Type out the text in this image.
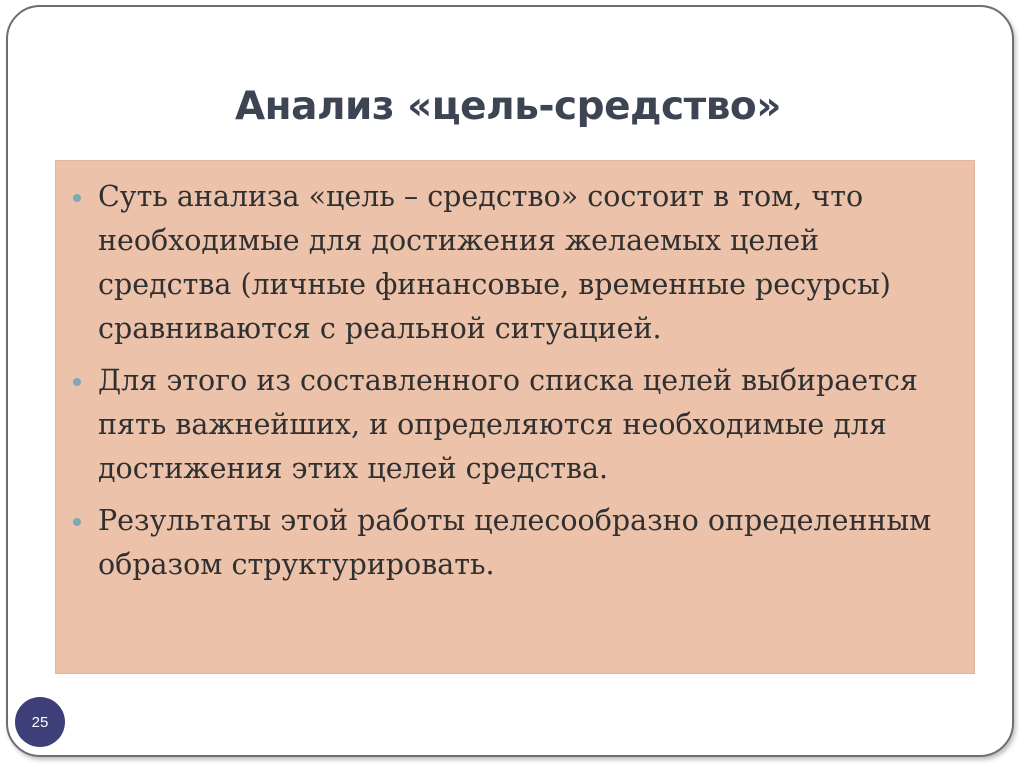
Анализ «цель-средство»
Суть анализа «цель – средство» состоит в том, что необходимые для достижения желаемых целей средства (личные финансовые, временные ресурсы) сравниваются с реальной ситуацией.
Для этого из составленного списка целей выбирается пять важнейших, и определяются необходимые для достижения этих целей средства.
Результаты этой работы целесообразно определенным образом структурировать.
25
